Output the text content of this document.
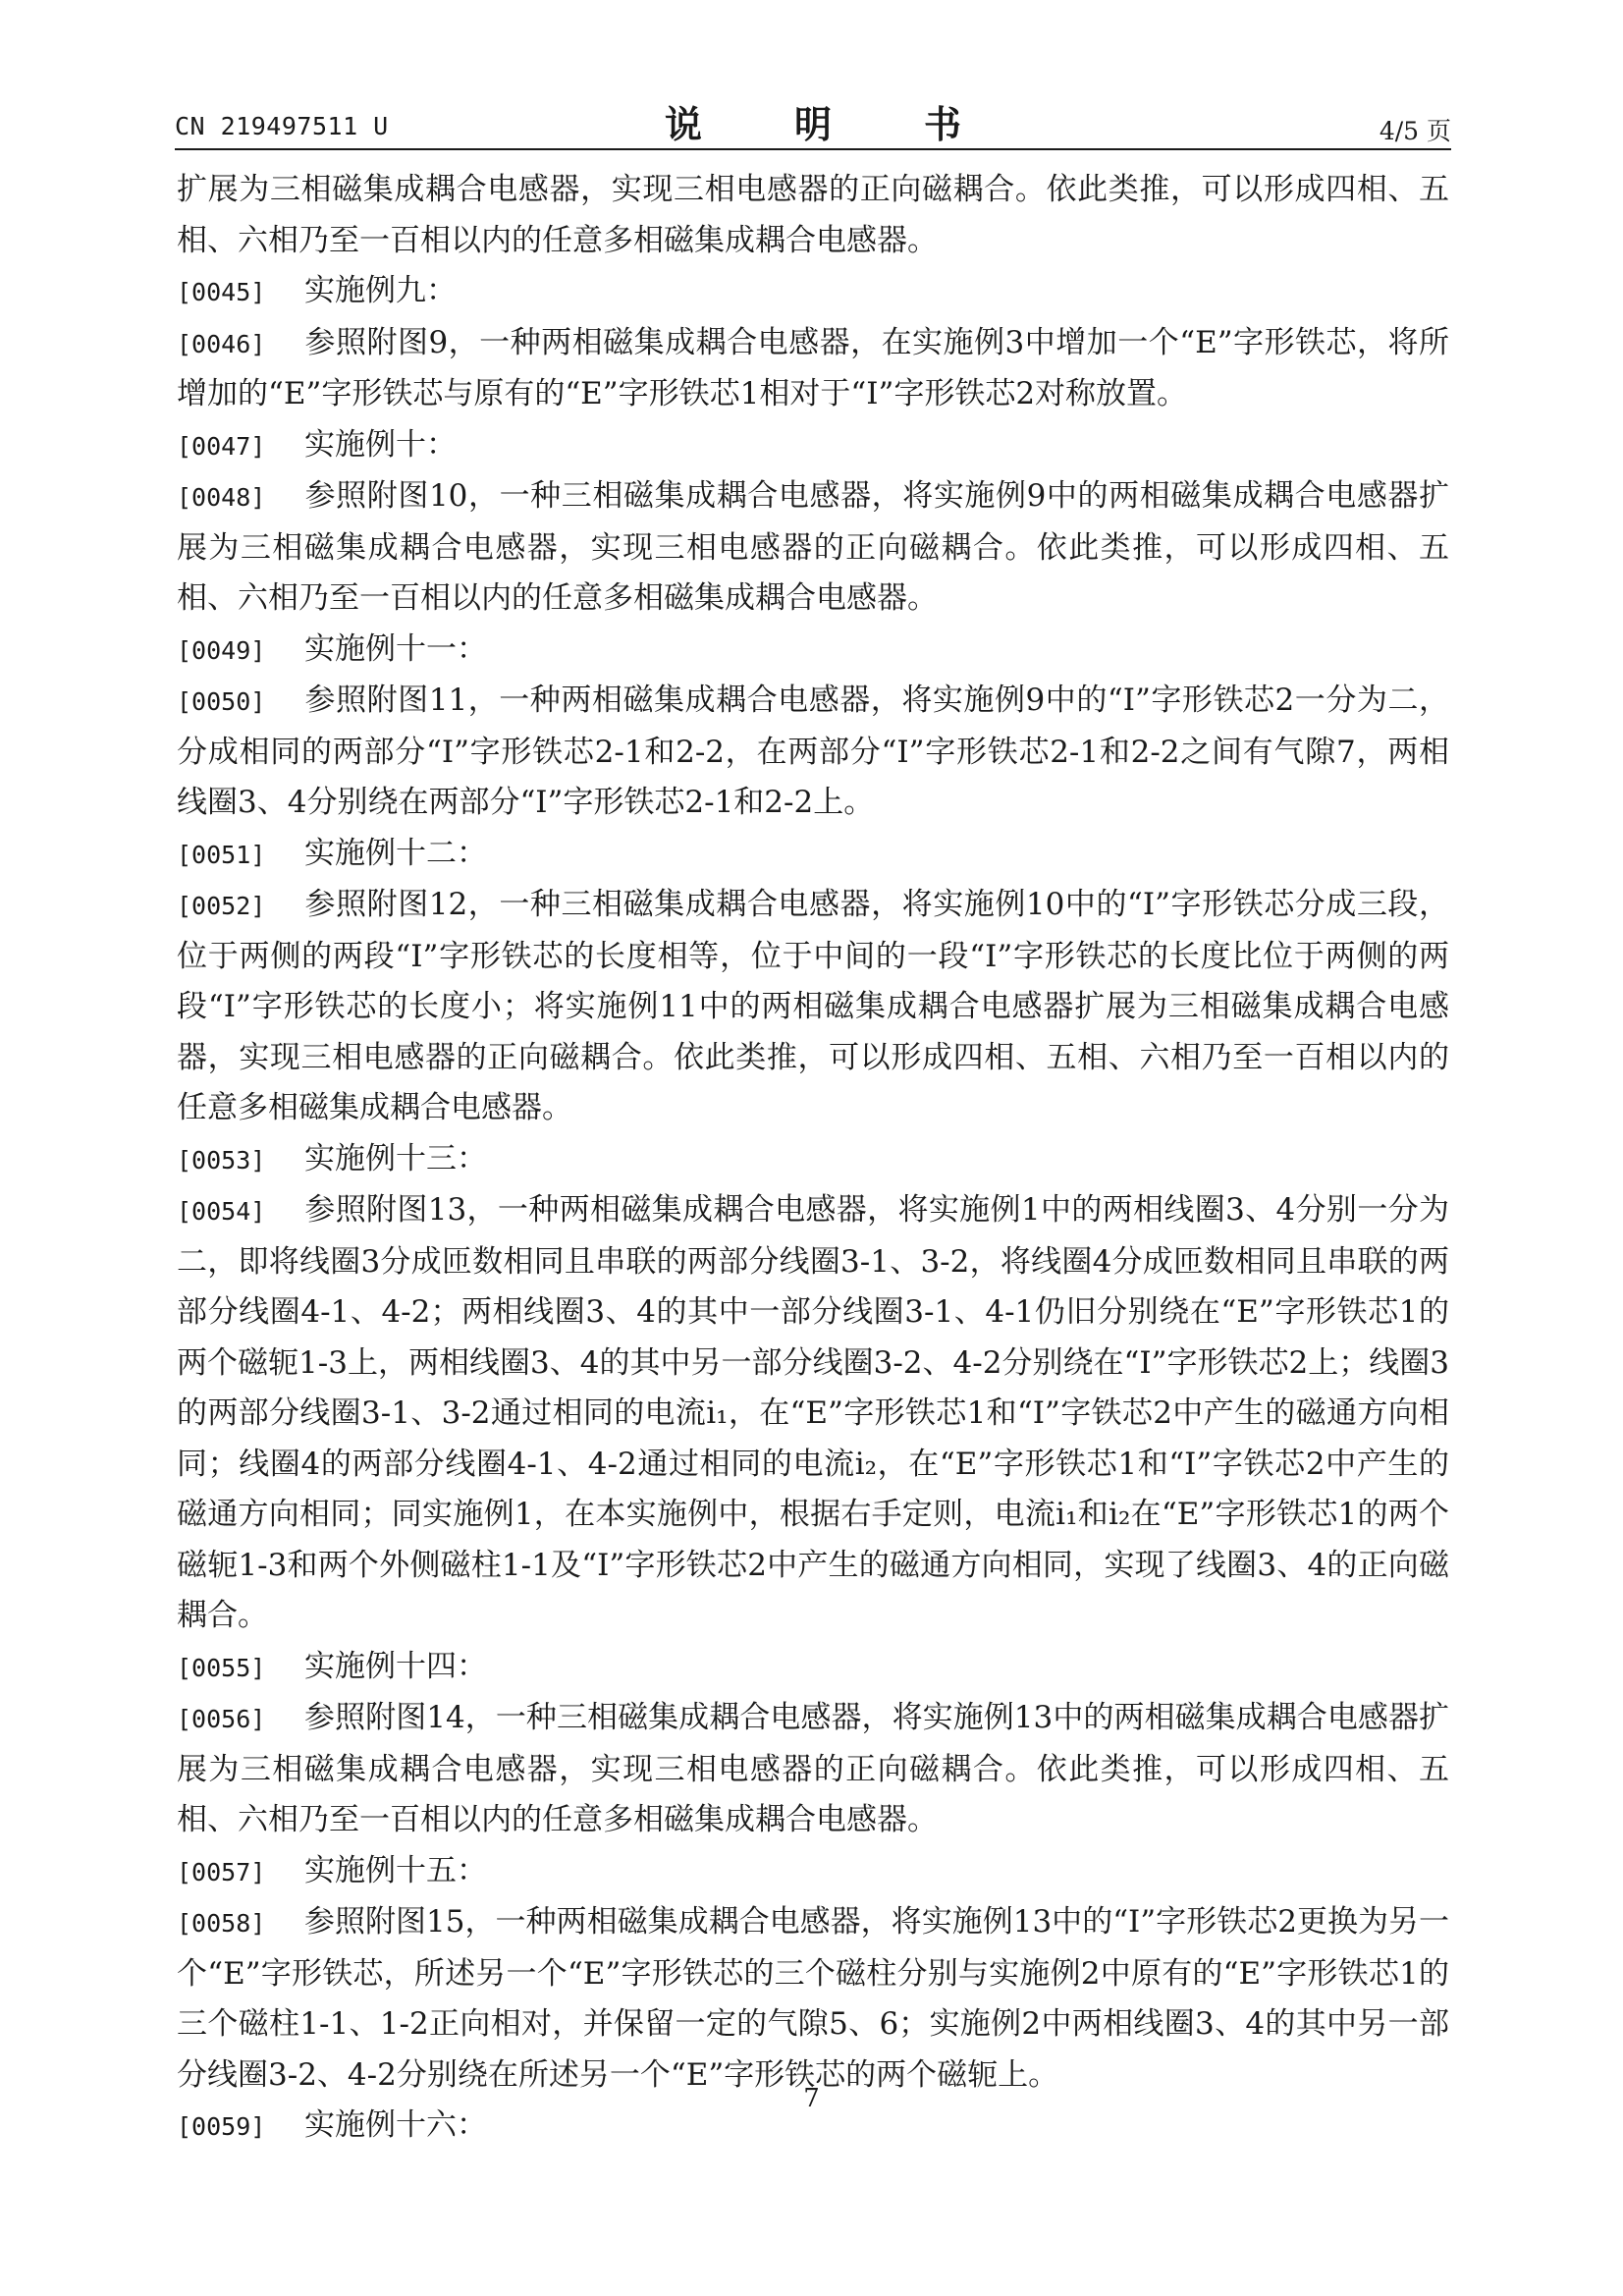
CN 219497511 U	说　明　书	4/5 页

扩展为三相磁集成耦合电感器，实现三相电感器的正向磁耦合。依此类推，可以形成四相、五相、六相乃至一百相以内的任意多相磁集成耦合电感器。

[0045] 实施例九：

[0046] 参照附图9，一种两相磁集成耦合电感器，在实施例3中增加一个“E”字形铁芯，将所增加的“E”字形铁芯与原有的“E”字形铁芯1相对于“I”字形铁芯2对称放置。

[0047] 实施例十：

[0048] 参照附图10，一种三相磁集成耦合电感器，将实施例9中的两相磁集成耦合电感器扩展为三相磁集成耦合电感器，实现三相电感器的正向磁耦合。依此类推，可以形成四相、五相、六相乃至一百相以内的任意多相磁集成耦合电感器。

[0049] 实施例十一：

[0050] 参照附图11，一种两相磁集成耦合电感器，将实施例9中的“I”字形铁芯2一分为二，分成相同的两部分“I”字形铁芯2-1和2-2，在两部分“I”字形铁芯2-1和2-2之间有气隙7，两相线圈3、4分别绕在两部分“I”字形铁芯2-1和2-2上。

[0051] 实施例十二：

[0052] 参照附图12，一种三相磁集成耦合电感器，将实施例10中的“I”字形铁芯分成三段，位于两侧的两段“I”字形铁芯的长度相等，位于中间的一段“I”字形铁芯的长度比位于两侧的两段“I”字形铁芯的长度小；将实施例11中的两相磁集成耦合电感器扩展为三相磁集成耦合电感器，实现三相电感器的正向磁耦合。依此类推，可以形成四相、五相、六相乃至一百相以内的任意多相磁集成耦合电感器。

[0053] 实施例十三：

[0054] 参照附图13，一种两相磁集成耦合电感器，将实施例1中的两相线圈3、4分别一分为二，即将线圈3分成匝数相同且串联的两部分线圈3-1、3-2，将线圈4分成匝数相同且串联的两部分线圈4-1、4-2；两相线圈3、4的其中一部分线圈3-1、4-1仍旧分别绕在“E”字形铁芯1的两个磁轭1-3上，两相线圈3、4的其中另一部分线圈3-2、4-2分别绕在“I”字形铁芯2上；线圈3的两部分线圈3-1、3-2通过相同的电流i₁，在“E”字形铁芯1和“I”字铁芯2中产生的磁通方向相同；线圈4的两部分线圈4-1、4-2通过相同的电流i₂，在“E”字形铁芯1和“I”字铁芯2中产生的磁通方向相同；同实施例1，在本实施例中，根据右手定则，电流i₁和i₂在“E”字形铁芯1的两个磁轭1-3和两个外侧磁柱1-1及“I”字形铁芯2中产生的磁通方向相同，实现了线圈3、4的正向磁耦合。

[0055] 实施例十四：

[0056] 参照附图14，一种三相磁集成耦合电感器，将实施例13中的两相磁集成耦合电感器扩展为三相磁集成耦合电感器，实现三相电感器的正向磁耦合。依此类推，可以形成四相、五相、六相乃至一百相以内的任意多相磁集成耦合电感器。

[0057] 实施例十五：

[0058] 参照附图15，一种两相磁集成耦合电感器，将实施例13中的“I”字形铁芯2更换为另一个“E”字形铁芯，所述另一个“E”字形铁芯的三个磁柱分别与实施例2中原有的“E”字形铁芯1的三个磁柱1-1、1-2正向相对，并保留一定的气隙5、6；实施例2中两相线圈3、4的其中另一部分线圈3-2、4-2分别绕在所述另一个“E”字形铁芯的两个磁轭上。

[0059] 实施例十六：

7
